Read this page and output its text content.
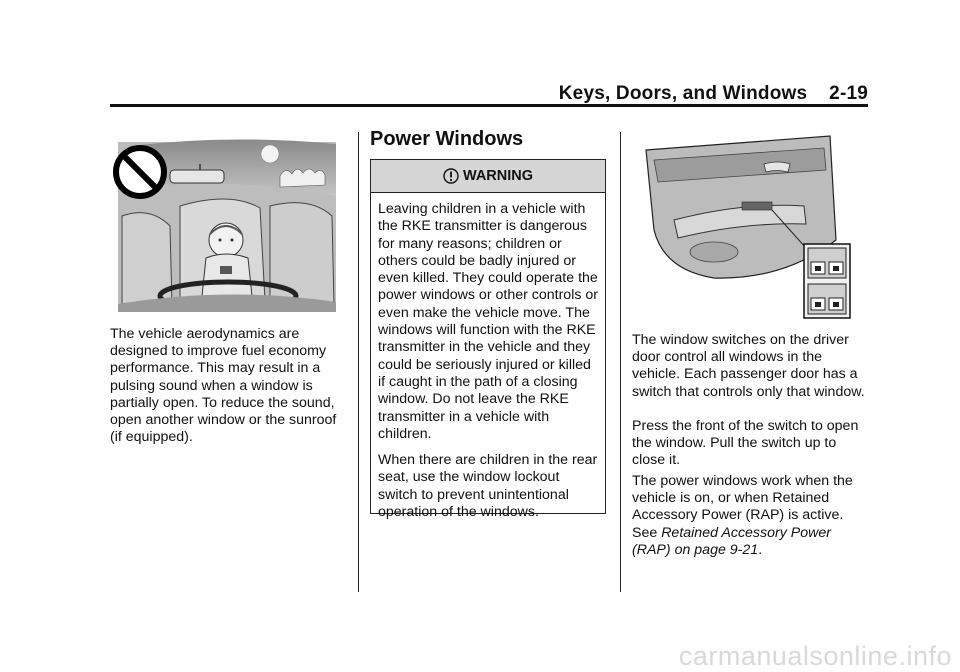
Keys, Doors, and Windows 2-19

The vehicle aerodynamics are designed to improve fuel economy performance. This may result in a pulsing sound when a window is partially open. To reduce the sound, open another window or the sunroof (if equipped).

Power Windows
WARNING

Leaving children in a vehicle with the RKE transmitter is dangerous for many reasons; children or others could be badly injured or even killed. They could operate the power windows or other controls or even make the vehicle move. The windows will function with the RKE transmitter in the vehicle and they could be seriously injured or killed if caught in the path of a closing window. Do not leave the RKE transmitter in a vehicle with children.

When there are children in the rear seat, use the window lockout switch to prevent unintentional operation of the windows.

The window switches on the driver door control all windows in the vehicle. Each passenger door has a switch that controls only that window.

Press the front of the switch to open the window. Pull the switch up to close it.

The power windows work when the vehicle is on, or when Retained Accessory Power (RAP) is active. See Retained Accessory Power (RAP) on page 9-21.

carmanualsonline.info
